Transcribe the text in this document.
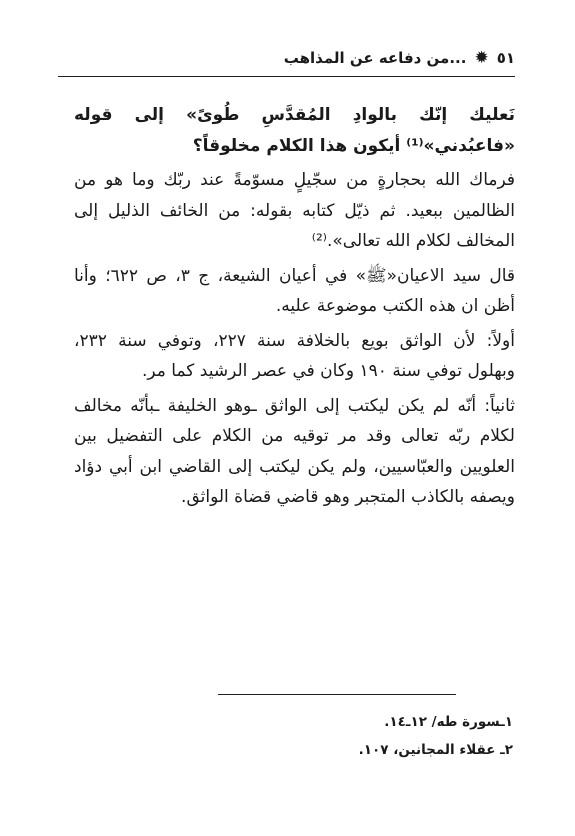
٥١
✹
...من دفاعه عن المذاهب

نَعليك إنّك بالوادِ المُقدَّسِ طُوىً» إلى قوله «فاعبُدني»⁽¹⁾ أيكون هذا الكلام مخلوقاً؟

فرماك الله بحجارةٍ من سجّيلٍ مسوّمةً عند ربّك وما هو من الظالمين ببعيد. ثم ذيّل كتابه بقوله: من الخائف الذليل إلى المخالف لكلام الله تعالى».⁽²⁾

قال سيد الاعيان«ﷺ» في أعيان الشيعة، ج ٣، ص ٦٢٢؛ وأنا أظن ان هذه الكتب موضوعة عليه.

أولاً: لأن الواثق بويع بالخلافة سنة ٢٢٧، وتوفي سنة ٢٣٢، وبهلول توفي سنة ١٩٠ وكان في عصر الرشيد كما مر.

ثانياً: أنّه لم يكن ليكتب إلى الواثق ـوهو الخليفة ـبأنّه مخالف لكلام ربّه تعالى وقد مر توقيه من الكلام على التفضيل بين العلويين والعبّاسيين، ولم يكن ليكتب إلى القاضي ابن أبي دؤاد ويصفه بالكاذب المتجبر وهو قاضي قضاة الواثق.

١ـسورة طه/ ١٢ـ١٤.
٢ـ عقلاء المجانين، ١٠٧.
